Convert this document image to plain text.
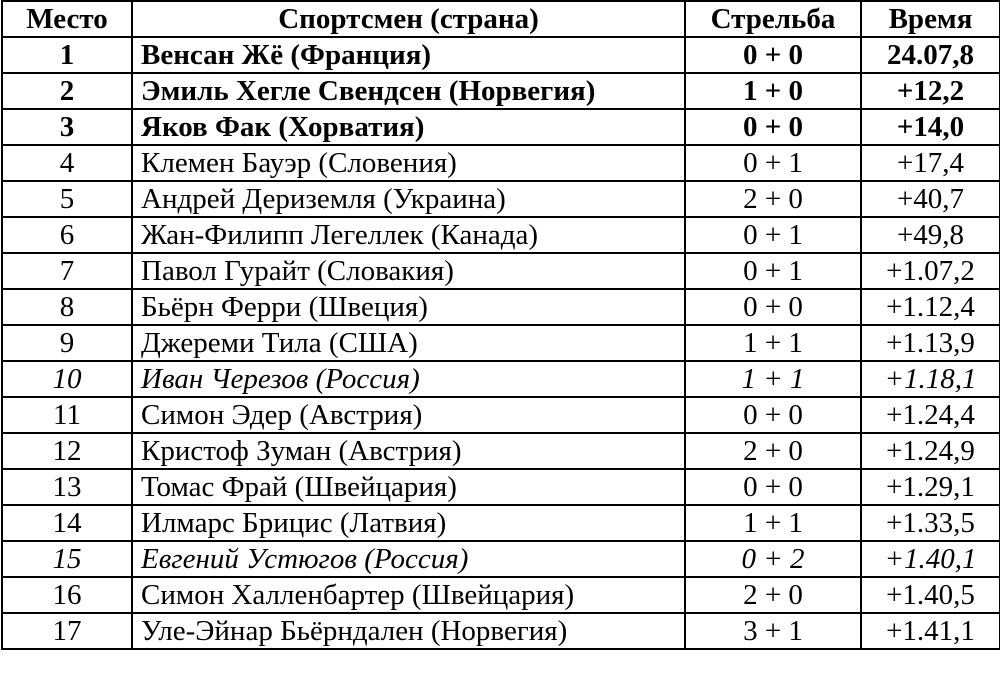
Место	Спортсмен (страна)	Стрельба	Время
1	Венсан Жё (Франция)	0 + 0	24.07,8
2	Эмиль Хегле Свендсен (Норвегия)	1 + 0	+12,2
3	Яков Фак (Хорватия)	0 + 0	+14,0
4	Клемен Бауэр (Словения)	0 + 1	+17,4
5	Андрей Дериземля (Украина)	2 + 0	+40,7
6	Жан-Филипп Легеллек (Канада)	0 + 1	+49,8
7	Павол Гурайт (Словакия)	0 + 1	+1.07,2
8	Бьёрн Ферри (Швеция)	0 + 0	+1.12,4
9	Джереми Тила (США)	1 + 1	+1.13,9
10	Иван Черезов (Россия)	1 + 1	+1.18,1
11	Симон Эдер (Австрия)	0 + 0	+1.24,4
12	Кристоф Зуман (Австрия)	2 + 0	+1.24,9
13	Томас Фрай (Швейцария)	0 + 0	+1.29,1
14	Илмарс Брицис (Латвия)	1 + 1	+1.33,5
15	Евгений Устюгов (Россия)	0 + 2	+1.40,1
16	Симон Халленбартер (Швейцария)	2 + 0	+1.40,5
17	Уле-Эйнар Бьёрндален (Норвегия)	3 + 1	+1.41,1
